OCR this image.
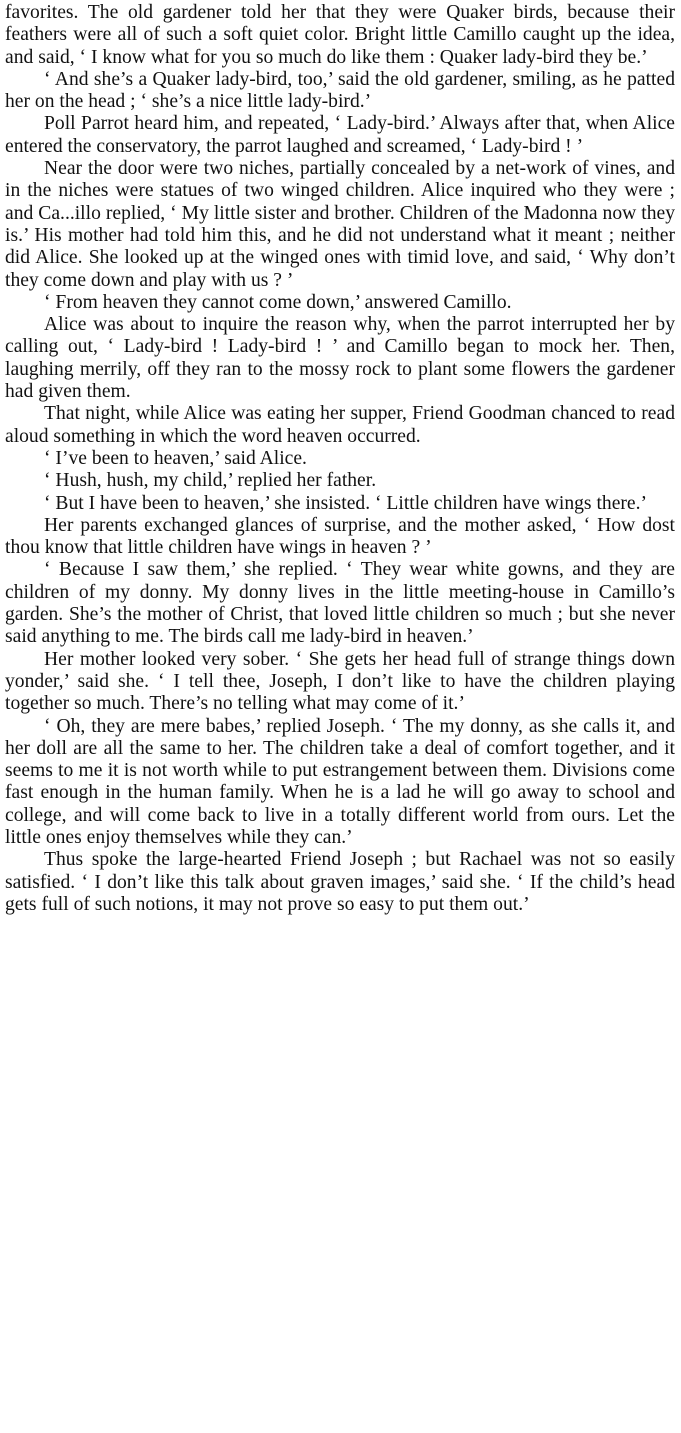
favorites. The old gardener told her that they were Quaker birds, because their feathers were all of such a soft quiet color. Bright little Camillo caught up the idea, and said, ‘ I know what for you so much do like them : Quaker lady-bird they be.’

‘ And she’s a Quaker lady-bird, too,’ said the old gardener, smiling, as he patted her on the head ; ‘ she’s a nice little lady-bird.’

Poll Parrot heard him, and repeated, ‘ Lady-bird.’ Always after that, when Alice entered the conservatory, the parrot laughed and screamed, ‘ Lady-bird ! ’

Near the door were two niches, partially concealed by a net-work of vines, and in the niches were statues of two winged children. Alice inquired who they were ; and Ca...illo replied, ‘ My little sister and brother. Children of the Madonna now they is.’ His mother had told him this, and he did not understand what it meant ; neither did Alice. She looked up at the winged ones with timid love, and said, ‘ Why don’t they come down and play with us ? ’

‘ From heaven they cannot come down,’ answered Camillo.

Alice was about to inquire the reason why, when the parrot interrupted her by calling out, ‘ Lady-bird ! Lady-bird ! ’ and Camillo began to mock her. Then, laughing merrily, off they ran to the mossy rock to plant some flowers the gardener had given them.

That night, while Alice was eating her supper, Friend Goodman chanced to read aloud something in which the word heaven occurred.

‘ I’ve been to heaven,’ said Alice.

‘ Hush, hush, my child,’ replied her father.

‘ But I have been to heaven,’ she insisted. ‘ Little children have wings there.’

Her parents exchanged glances of surprise, and the mother asked, ‘ How dost thou know that little children have wings in heaven ? ’

‘ Because I saw them,’ she replied. ‘ They wear white gowns, and they are children of my donny. My donny lives in the little meeting-house in Camillo’s garden. She’s the mother of Christ, that loved little children so much ; but she never said anything to me. The birds call me lady-bird in heaven.’

Her mother looked very sober. ‘ She gets her head full of strange things down yonder,’ said she. ‘ I tell thee, Joseph, I don’t like to have the children playing together so much. There’s no telling what may come of it.’

‘ Oh, they are mere babes,’ replied Joseph. ‘ The my donny, as she calls it, and her doll are all the same to her. The children take a deal of comfort together, and it seems to me it is not worth while to put estrangement between them. Divisions come fast enough in the human family. When he is a lad he will go away to school and college, and will come back to live in a totally different world from ours. Let the little ones enjoy themselves while they can.’

Thus spoke the large-hearted Friend Joseph ; but Rachael was not so easily satisfied. ‘ I don’t like this talk about graven images,’ said she. ‘ If the child’s head gets full of such notions, it may not prove so easy to put them out.’
